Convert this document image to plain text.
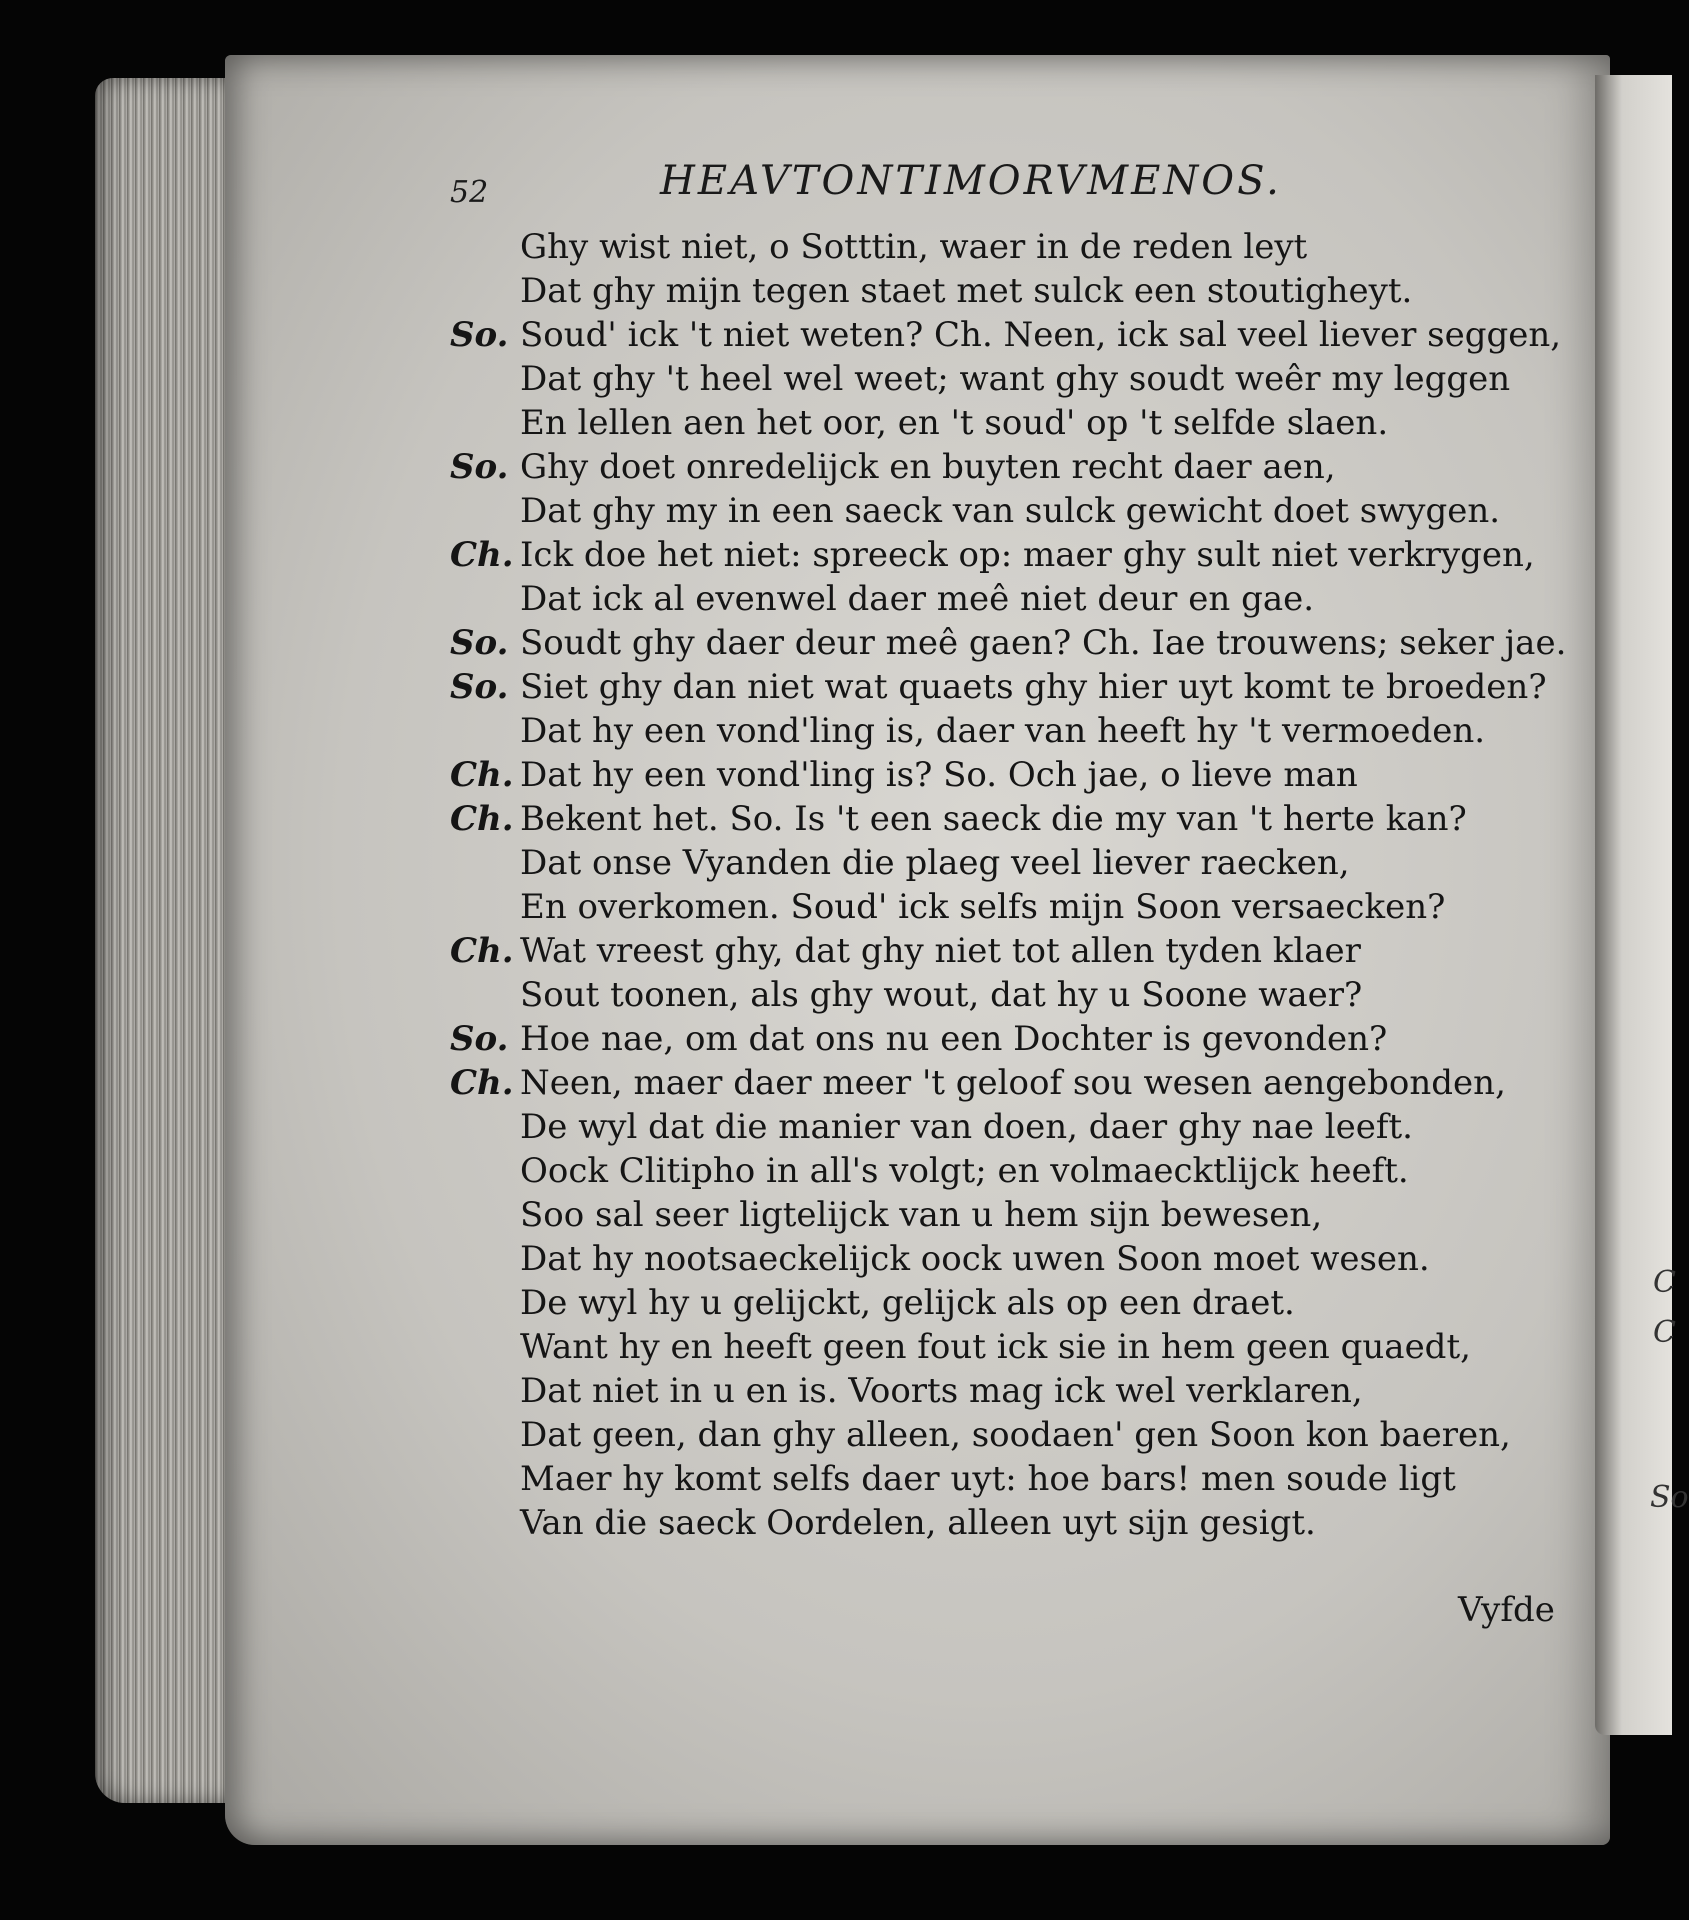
C
C
So
52	HEAVTONTIMORVMENOS.
Ghy wist niet, o Sotttin, waer in de reden leyt
Dat ghy mijn tegen staet met sulck een stoutigheyt.
So. Soud' ick 't niet weten? Ch. Neen, ick sal veel liever seggen,
Dat ghy 't heel wel weet; want ghy soudt weêr my leggen
En lellen aen het oor, en 't soud' op 't selfde slaen.
So. Ghy doet onredelijck en buyten recht daer aen,
Dat ghy my in een saeck van sulck gewicht doet swygen.
Ch. Ick doe het niet: spreeck op: maer ghy sult niet verkrygen,
Dat ick al evenwel daer meê niet deur en gae.
So. Soudt ghy daer deur meê gaen? Ch. Iae trouwens; seker jae.
So. Siet ghy dan niet wat quaets ghy hier uyt komt te broeden?
Dat hy een vond'ling is, daer van heeft hy 't vermoeden.
Ch. Dat hy een vond'ling is? So. Och jae, o lieve man
Ch. Bekent het. So. Is 't een saeck die my van 't herte kan?
Dat onse Vyanden die plaeg veel liever raecken,
En overkomen. Soud' ick selfs mijn Soon versaecken?
Ch. Wat vreest ghy, dat ghy niet tot allen tyden klaer
Sout toonen, als ghy wout, dat hy u Soone waer?
So. Hoe nae, om dat ons nu een Dochter is gevonden?
Ch. Neen, maer daer meer 't geloof sou wesen aengebonden,
De wyl dat die manier van doen, daer ghy nae leeft.
Oock Clitipho in all's volgt; en volmaecktlijck heeft.
Soo sal seer ligtelijck van u hem sijn bewesen,
Dat hy nootsaeckelijck oock uwen Soon moet wesen.
De wyl hy u gelijckt, gelijck als op een draet.
Want hy en heeft geen fout ick sie in hem geen quaedt,
Dat niet in u en is. Voorts mag ick wel verklaren,
Dat geen, dan ghy alleen, soodaen' gen Soon kon baeren,
Maer hy komt selfs daer uyt: hoe bars! men soude ligt
Van die saeck Oordelen, alleen uyt sijn gesigt.
Vyfde
